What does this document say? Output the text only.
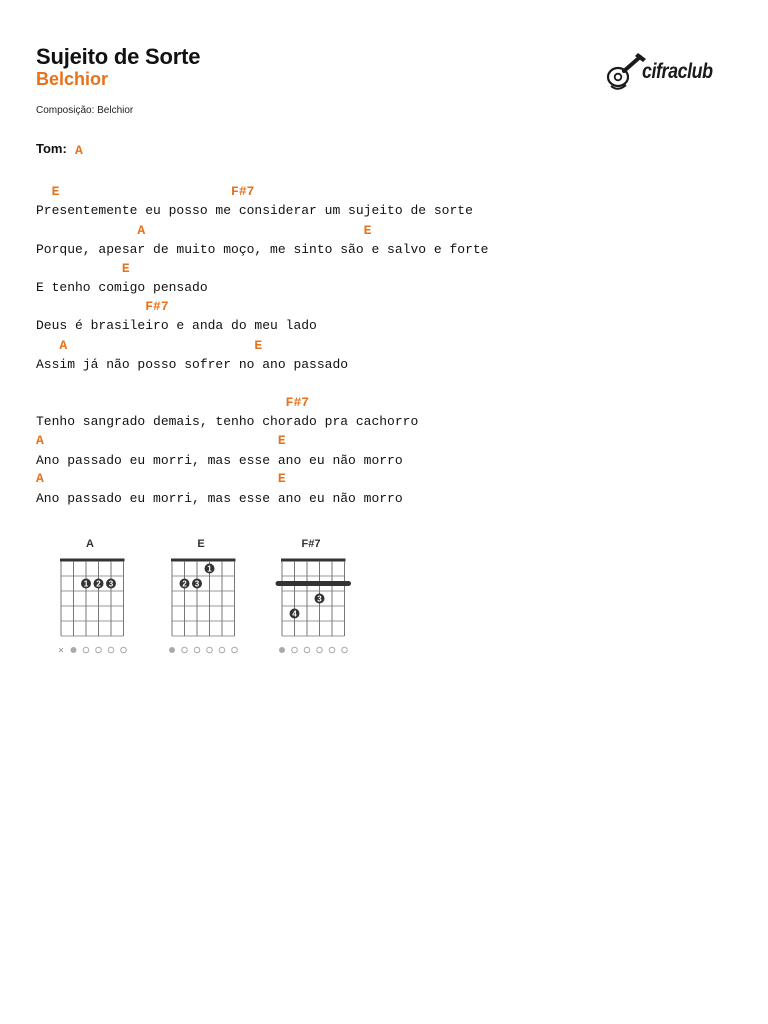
Sujeito de Sorte
Belchior
Composição: Belchior
Tom: A
cifraclub
E                      F#7
Presentemente eu posso me considerar um sujeito de sorte
A                            E
Porque, apesar de muito moço, me sinto são e salvo e forte
E
E tenho comigo pensado
F#7
Deus é brasileiro e anda do meu lado
A                        E
Assim já não posso sofrer no ano passado
F#7
Tenho sangrado demais, tenho chorado pra cachorro
A                              E
Ano passado eu morri, mas esse ano eu não morro
A                              E
Ano passado eu morri, mas esse ano eu não morro
A
1 2 3
×
E
1
2 3
F#7
3
4
